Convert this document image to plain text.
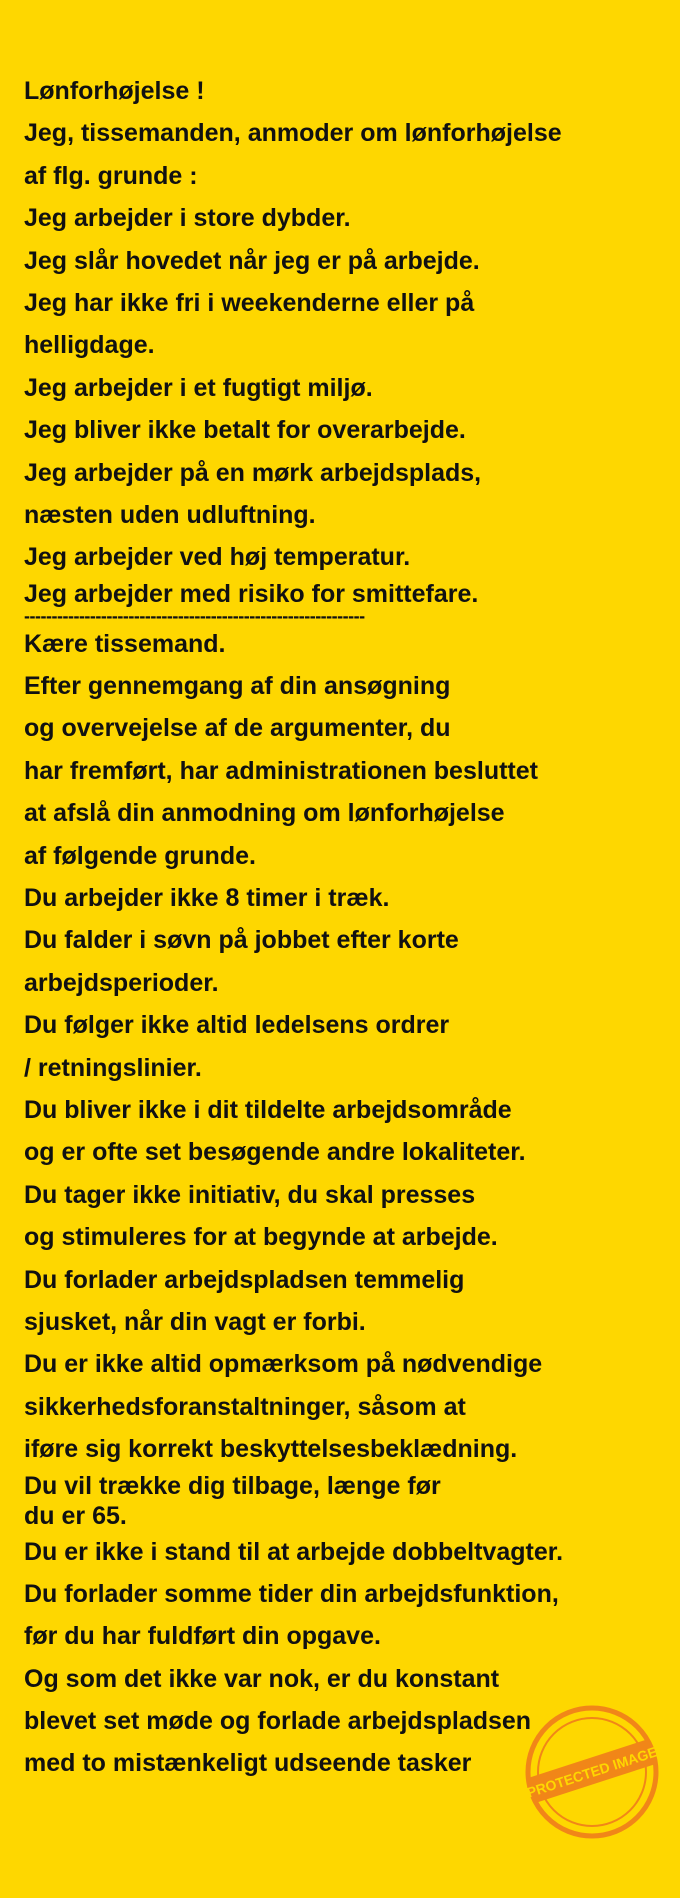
Lønforhøjelse !
Jeg, tissemanden, anmoder om lønforhøjelse
af flg. grunde :
Jeg arbejder i store dybder.
Jeg slår hovedet når jeg er på arbejde.
Jeg har ikke fri i weekenderne eller på
helligdage.
Jeg arbejder i et fugtigt miljø.
Jeg bliver ikke betalt for overarbejde.
Jeg arbejder på en mørk arbejdsplads,
næsten uden udluftning.
Jeg arbejder ved høj temperatur.
Jeg arbejder med risiko for smittefare.
--------------------------------------------------------------
Kære tissemand.
Efter gennemgang af din ansøgning
og overvejelse af de argumenter, du
har fremført, har administrationen besluttet
at afslå din anmodning om lønforhøjelse
af følgende grunde.
Du arbejder ikke 8 timer i træk.
Du falder i søvn på jobbet efter korte
arbejdsperioder.
Du følger ikke altid ledelsens ordrer
/ retningslinier.
Du bliver ikke i dit tildelte arbejdsområde
og er ofte set besøgende andre lokaliteter.
Du tager ikke initiativ, du skal presses
og stimuleres for at begynde at arbejde.
Du forlader arbejdspladsen temmelig
sjusket, når din vagt er forbi.
Du er ikke altid opmærksom på nødvendige
sikkerhedsforanstaltninger, såsom at
iføre sig korrekt beskyttelsesbeklædning.
Du vil trække dig tilbage, længe før
du er 65.
Du er ikke i stand til at arbejde dobbeltvagter.
Du forlader somme tider din arbejdsfunktion,
før du har fuldført din opgave.
Og som det ikke var nok, er du konstant
blevet set møde og forlade arbejdspladsen
med to mistænkeligt udseende tasker	PROTECTED IMAGE
